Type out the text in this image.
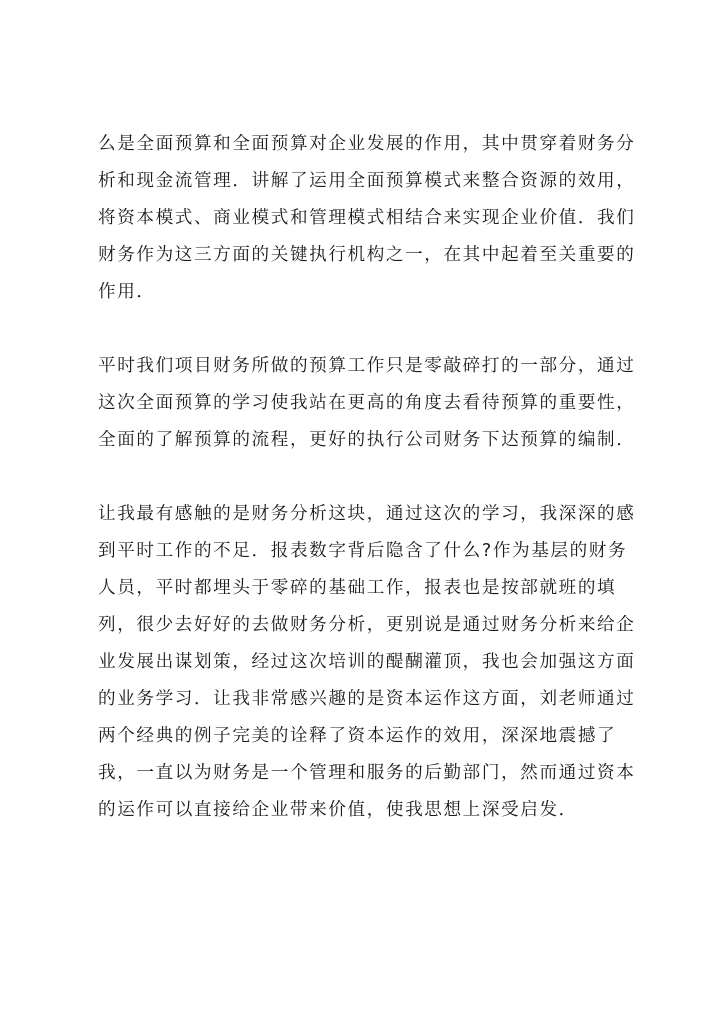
么是全面预算和全面预算对企业发展的作用，其中贯穿着财务分
析和现金流管理．讲解了运用全面预算模式来整合资源的效用，
将资本模式、商业模式和管理模式相结合来实现企业价值．我们
财务作为这三方面的关键执行机构之一，在其中起着至关重要的
作用．
平时我们项目财务所做的预算工作只是零敲碎打的一部分，通过
这次全面预算的学习使我站在更高的角度去看待预算的重要性，
全面的了解预算的流程，更好的执行公司财务下达预算的编制．
让我最有感触的是财务分析这块，通过这次的学习，我深深的感
到平时工作的不足．报表数字背后隐含了什么?作为基层的财务
人员，平时都埋头于零碎的基础工作，报表也是按部就班的填
列，很少去好好的去做财务分析，更别说是通过财务分析来给企
业发展出谋划策，经过这次培训的醍醐灌顶，我也会加强这方面
的业务学习．让我非常感兴趣的是资本运作这方面，刘老师通过
两个经典的例子完美的诠释了资本运作的效用，深深地震撼了
我，一直以为财务是一个管理和服务的后勤部门，然而通过资本
的运作可以直接给企业带来价值，使我思想上深受启发．
